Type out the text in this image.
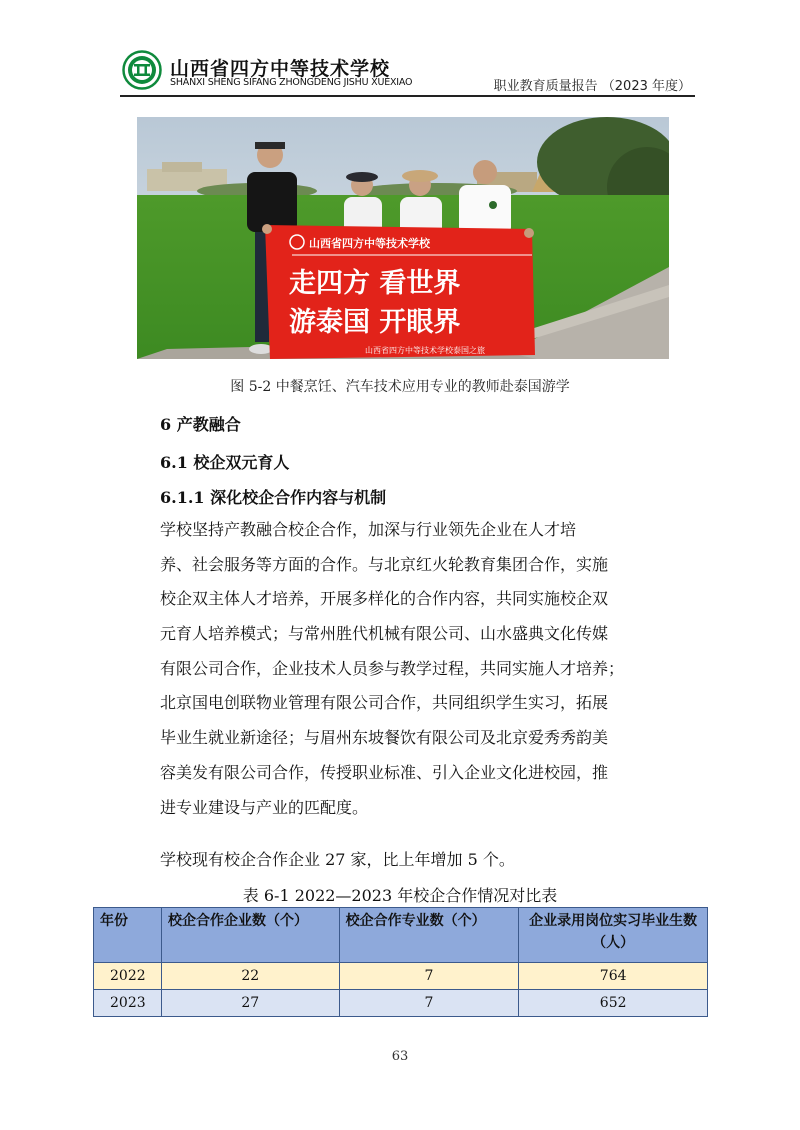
山西省四方中等技术学校
SHANXI SHENG SIFANG ZHONGDENG JISHU XUEXIAO	职业教育质量报告 （2023 年度）
山西省四方中等技术学校
走四方 看世界
游泰国 开眼界
山西省四方中等技术学校泰国之旅
图 5-2 中餐烹饪、汽车技术应用专业的教师赴泰国游学
6 产教融合
6.1 校企双元育人
6.1.1 深化校企合作内容与机制
学校坚持产教融合校企合作，加深与行业领先企业在人才培
养、社会服务等方面的合作。与北京红火轮教育集团合作，实施
校企双主体人才培养，开展多样化的合作内容，共同实施校企双
元育人培养模式；与常州胜代机械有限公司、山水盛典文化传媒
有限公司合作，企业技术人员参与教学过程，共同实施人才培养；
北京国电创联物业管理有限公司合作，共同组织学生实习，拓展
毕业生就业新途径；与眉州东坡餐饮有限公司及北京爱秀秀韵美
容美发有限公司合作，传授职业标准、引入企业文化进校园，推
进专业建设与产业的匹配度。
学校现有校企合作企业 27 家，比上年增加 5 个。
表 6-1 2022—2023 年校企合作情况对比表
年份	校企合作企业数（个）	校企合作专业数（个）	企业录用岗位实习毕业生数（人）
2022	22	7	764
2023	27	7	652
63
